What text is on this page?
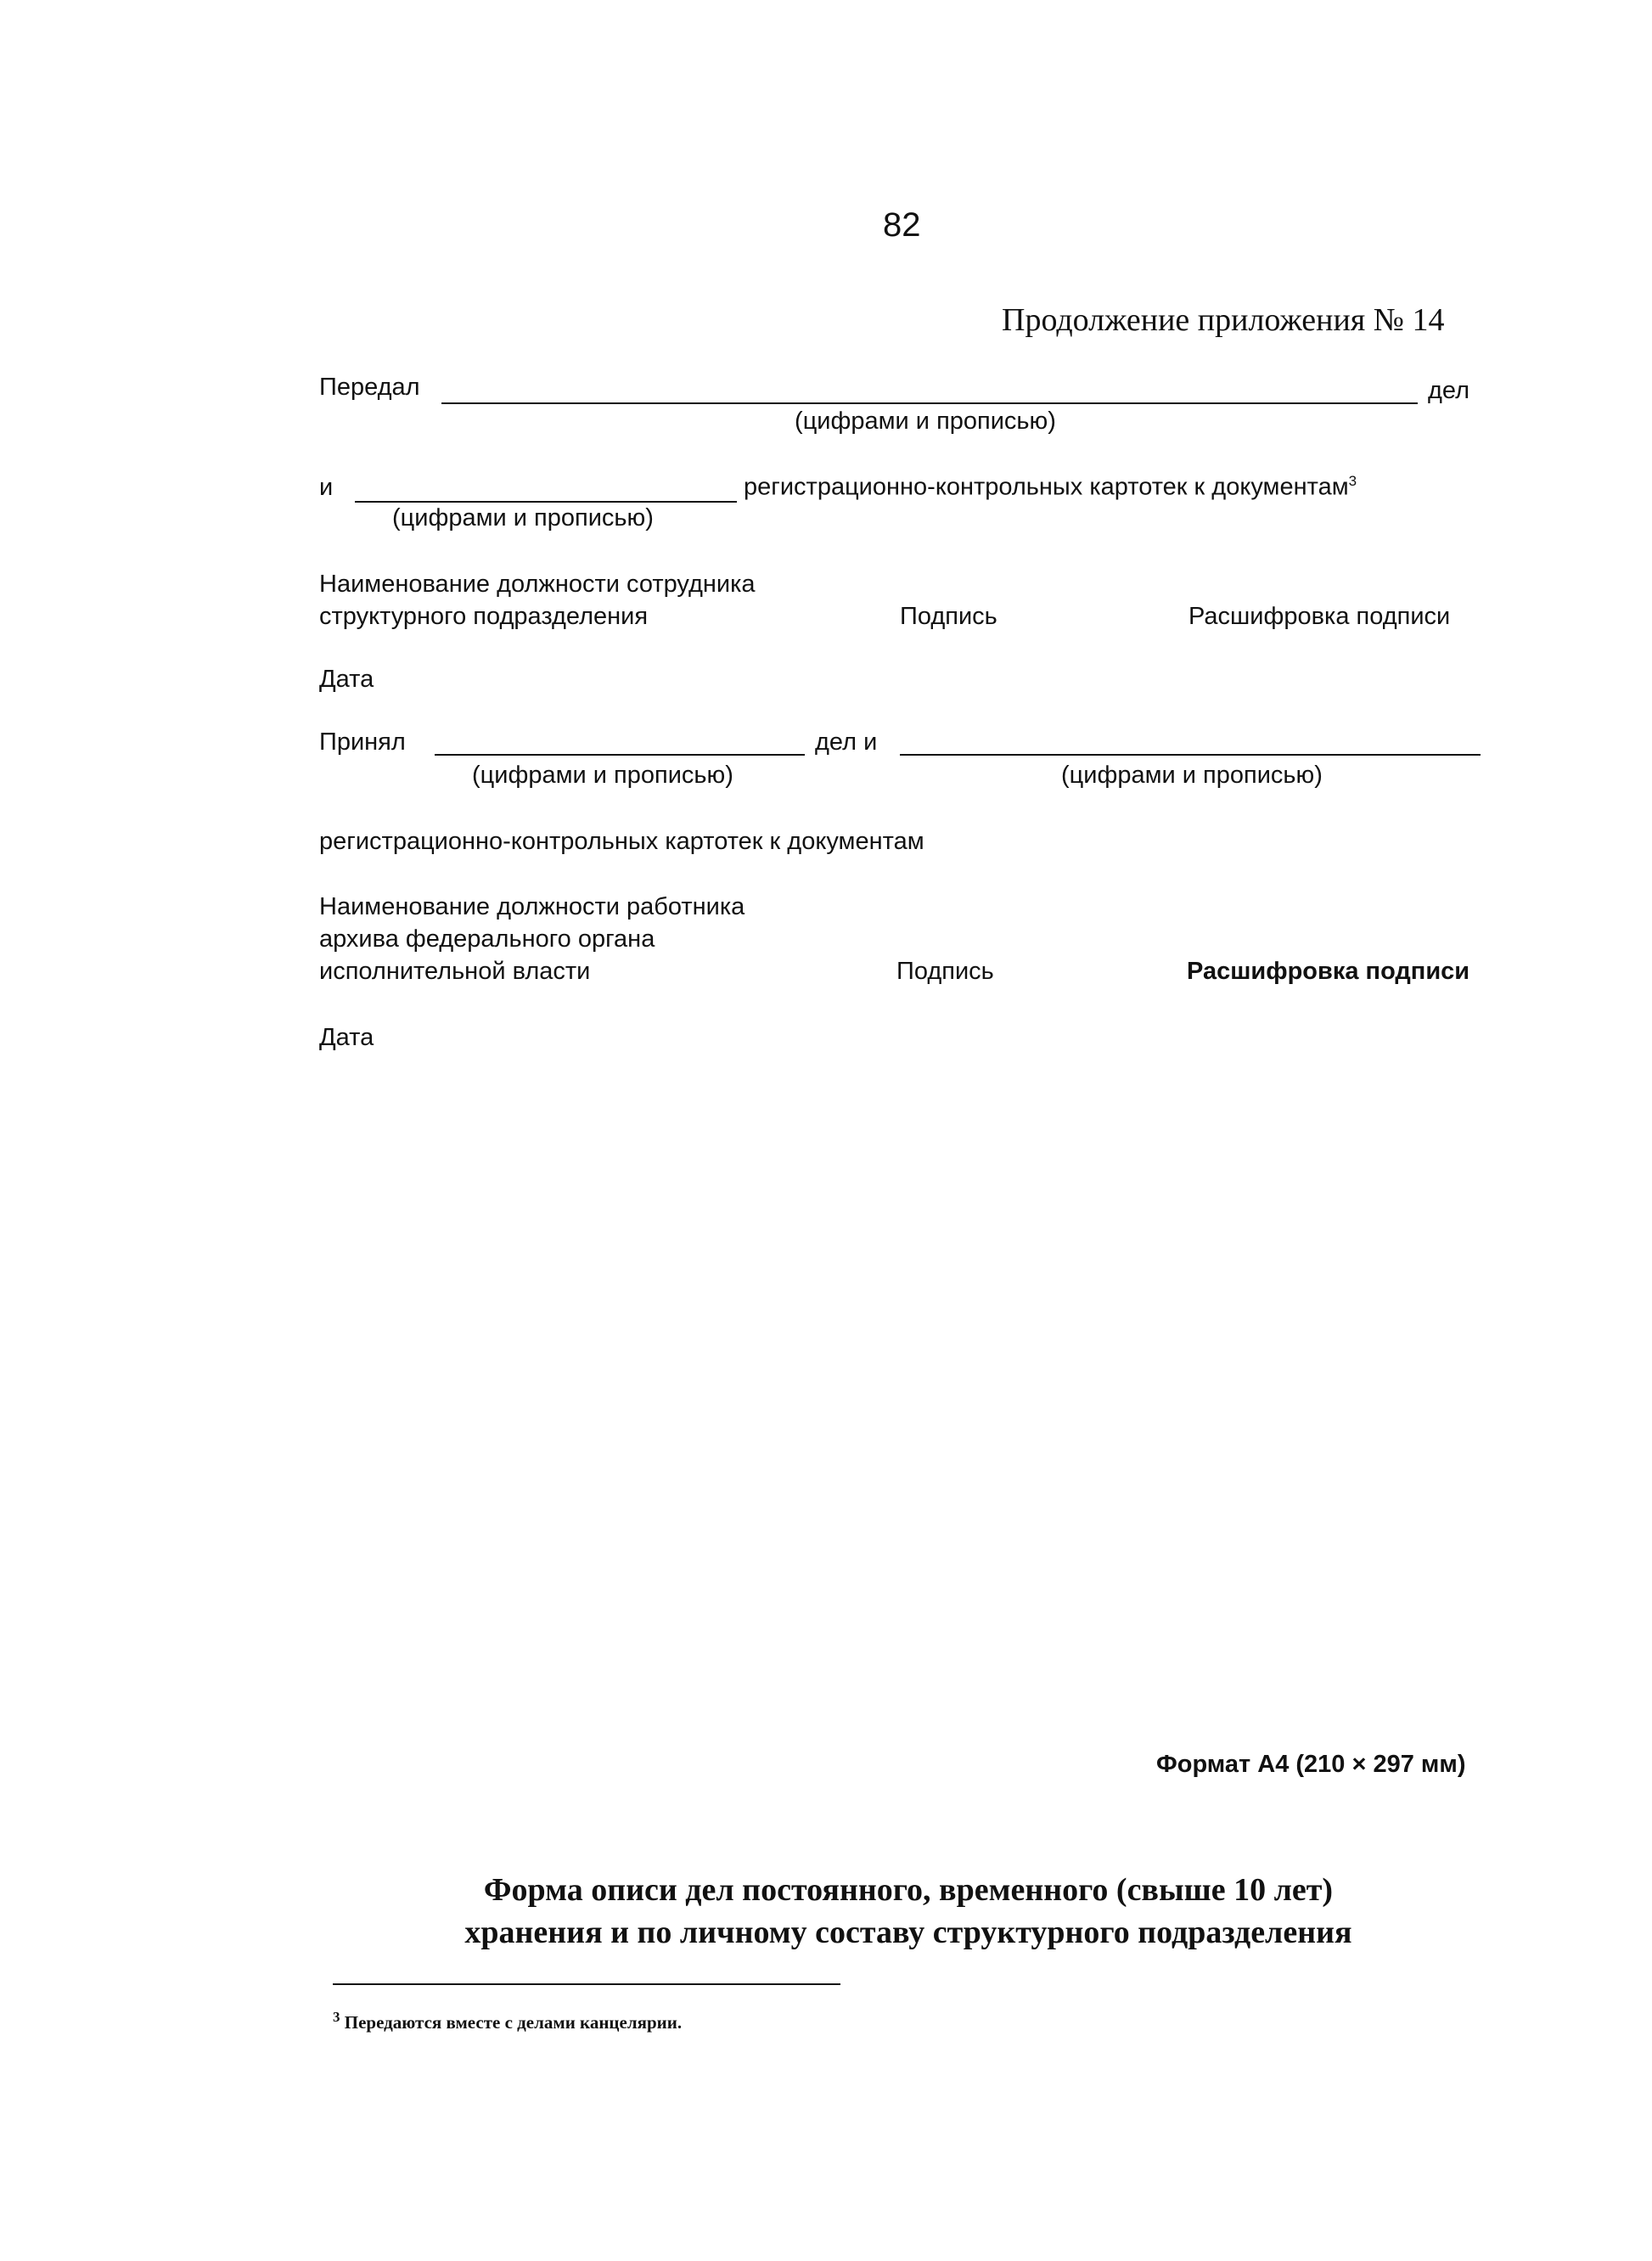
82
Продолжение приложения № 14
Передал	дел
(цифрами и прописью)
и	регистрационно-контрольных картотек к документам$^3$
(цифрами и прописью)
Наименование должности сотрудника
структурного подразделения	Подпись	Расшифровка подписи
Дата
Принял	дел и
(цифрами и прописью)	(цифрами и прописью)
регистрационно-контрольных картотек к документам
Наименование должности работника
архива федерального органа
исполнительной власти	Подпись	Расшифровка подписи
Дата
Формат А4 (210 × 297 мм)
Форма описи дел постоянного, временного (свыше 10 лет)
хранения и по личному составу структурного подразделения
$^3$ Передаются вместе с делами канцелярии.
